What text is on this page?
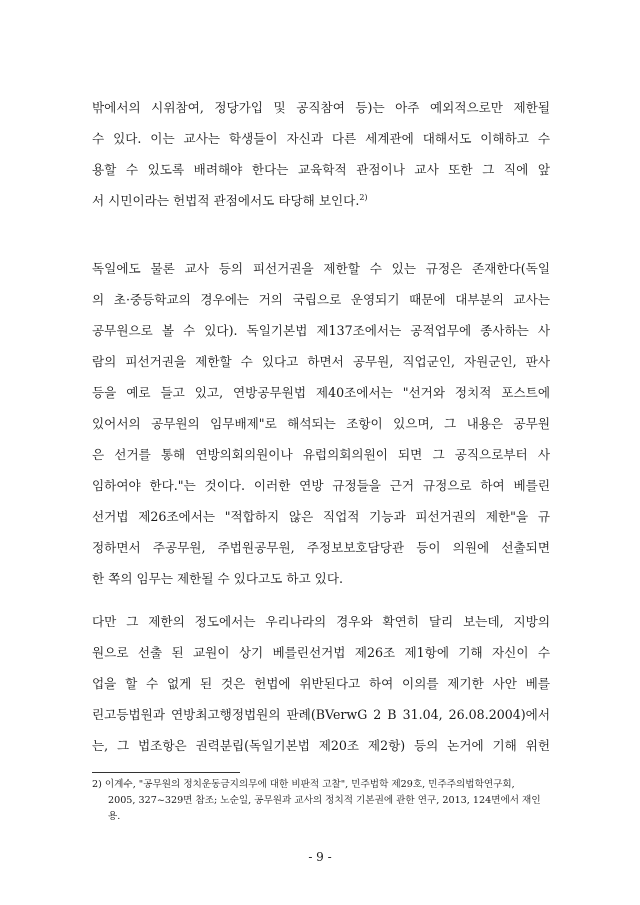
밖에서의 시위참여, 정당가입 및 공직참여 등)는 아주 예외적으로만 제한될
수 있다. 이는 교사는 학생들이 자신과 다른 세계관에 대해서도 이해하고 수
용할 수 있도록 배려해야 한다는 교육학적 관점이나 교사 또한 그 직에 앞
서 시민이라는 헌법적 관점에서도 타당해 보인다.$^{2)}$
독일에도 물론 교사 등의 피선거권을 제한할 수 있는 규정은 존재한다(독일
의 초·중등학교의 경우에는 거의 국립으로 운영되기 때문에 대부분의 교사는
공무원으로 볼 수 있다). 독일기본법 제137조에서는 공적업무에 종사하는 사
람의 피선거권을 제한할 수 있다고 하면서 공무원, 직업군인, 자원군인, 판사
등을 예로 들고 있고, 연방공무원법 제40조에서는 "선거와 정치적 포스트에
있어서의 공무원의 임무배제"로 해석되는 조항이 있으며, 그 내용은 공무원
은 선거를 통해 연방의회의원이나 유럽의회의원이 되면 그 공직으로부터 사
임하여야 한다."는 것이다. 이러한 연방 규정들을 근거 규정으로 하여 베를린
선거법 제26조에서는 "적합하지 않은 직업적 기능과 피선거권의 제한"을 규
정하면서 주공무원, 주법원공무원, 주정보보호담당관 등이 의원에 선출되면
한 쪽의 임무는 제한될 수 있다고도 하고 있다.
다만 그 제한의 정도에서는 우리나라의 경우와 확연히 달리 보는데, 지방의
원으로 선출 된 교원이 상기 베를린선거법 제26조 제1항에 기해 자신이 수
업을 할 수 없게 된 것은 헌법에 위반된다고 하여 이의를 제기한 사안 베를
린고등법원과 연방최고행정법원의 판례(BVerwG 2 B 31.04, 26.08.2004)에서
는, 그 법조항은 권력분립(독일기본법 제20조 제2항) 등의 논거에 기해 위헌
2) 이계수, "공무원의 정치운동금지의무에 대한 비판적 고찰", 민주법학 제29호, 민주주의법학연구회,
2005, 327~329면 참조; 노순일, 공무원과 교사의 정치적 기본권에 관한 연구, 2013, 124면에서 재인
용.
- 9 -
